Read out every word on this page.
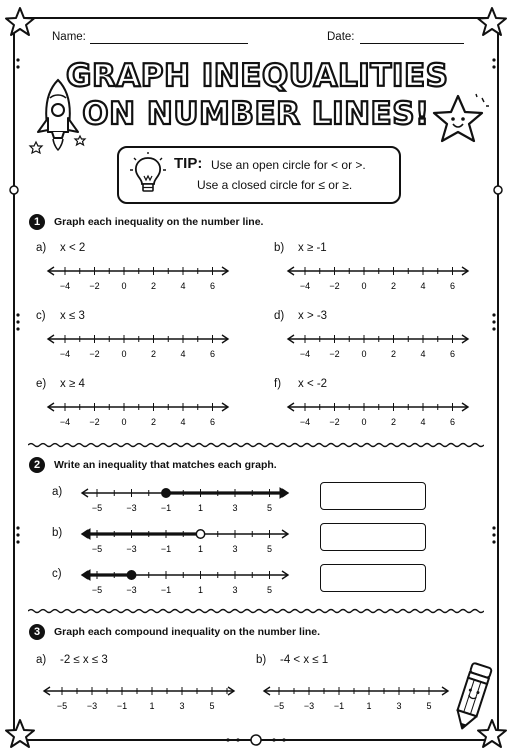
Name:	Date:
GRAPH INEQUALITIES
ON NUMBER LINES!
TIP: Use an open circle for < or >.
Use a closed circle for ≤ or ≥.
1	Graph each inequality on the number line.
a) x < 2	b) x ≥ -1
c) x ≤ 3	d) x > -3
e) x ≥ 4	f) x < -2
−4 −2 0	2	4	6	−4 −2 0	2	4	6
−4 −2 0	2	4	6	−4 −2 0	2	4	6
−4 −2 0	2	4	6	−4 −2 0	2	4	6
2	Write an inequality that matches each graph.
a)
b)
c)
−5	−3	−1	1	3	5
−5	−3	−1	1	3	5
−5	−3	−1	1	3	5
3	Graph each compound inequality on the number line.
a) -2 ≤ x ≤ 3	b) -4 < x ≤ 1
−5 −3 −1 1	3	5	−5 −3 −1 1	3	5
